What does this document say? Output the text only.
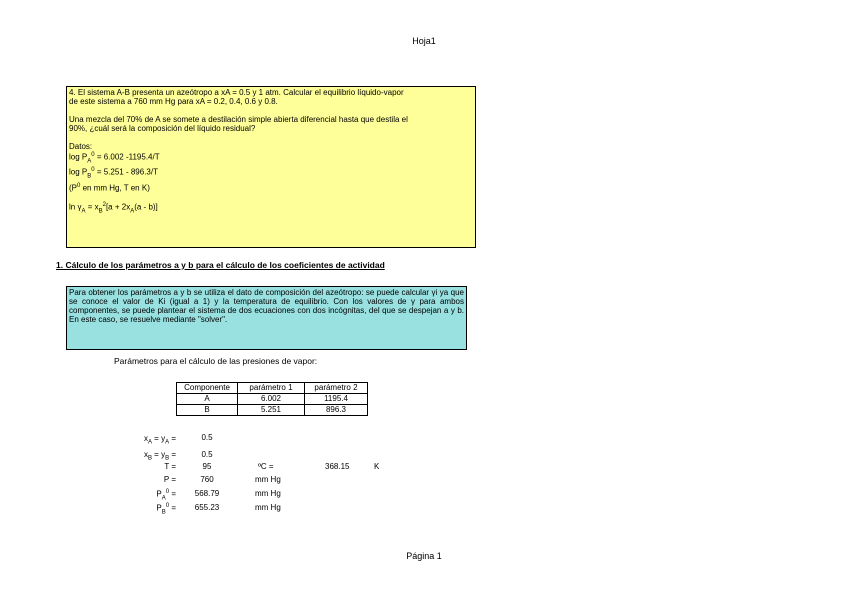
Hoja1

4. El sistema A-B presenta un azeótropo a xA = 0.5 y 1 atm. Calcular el equilibrio líquido-vapor

de este sistema a 760 mm Hg para xA = 0.2, 0.4, 0.6 y 0.8.

Una mezcla del 70% de A se somete a destilación simple abierta diferencial hasta que destila el

90%, ¿cuál será la composición del líquido residual?

Datos:

$\log P_A^0 = 6.002$ -1195.4/T

$\log P_B^0 = 5.251 - 896.3/T$

($P^0$ en mm Hg, T en K)

$\ln \gamma_A = x_B^2[a + 2x_A(a - b)]$

1. Cálculo de los parámetros a y b para el cálculo de los coeficientes de actividad
Para obtener los parámetros a y b se utiliza el dato de composición del azeótropo: se puede calcular γi ya que se conoce el valor de Ki (igual a 1) y la temperatura de equilibrio. Con los valores de γ para ambos componentes, se puede plantear el sistema de dos ecuaciones con dos incógnitas, del que se despejan a y b. En este caso, se resuelve mediante "solver".
Parámetros para el cálculo de las presiones de vapor:
Componente	parámetro 1	parámetro 2
A	6.002	1195.4
B	5.251	896.3
$x_A = y_A$ =	0.5
$x_B = y_B$ =	0.5
T =	95	ºC =	368.15	K
P =	760	mm Hg
$P_A^0$ =	568.79	mm Hg
$P_B^0$ =	655.23	mm Hg
Página 1
